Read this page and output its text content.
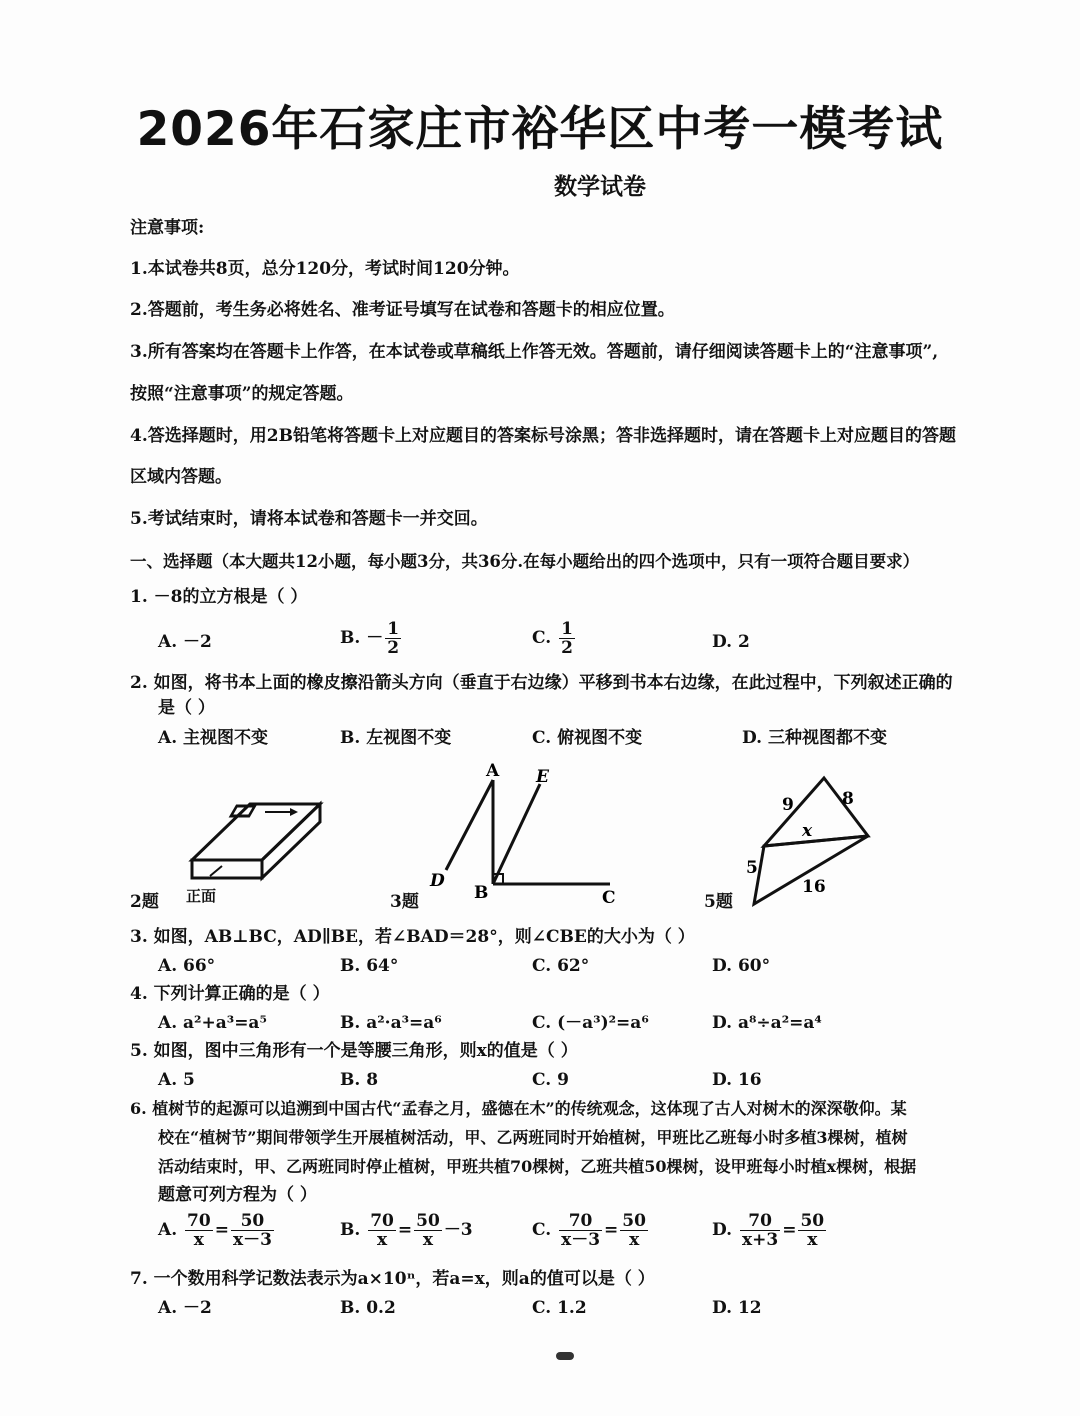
2026年石家庄市裕华区中考一模考试
数学试卷
注意事项:
1.本试卷共8页，总分120分，考试时间120分钟。
2.答题前，考生务必将姓名、准考证号填写在试卷和答题卡的相应位置。
3.所有答案均在答题卡上作答，在本试卷或草稿纸上作答无效。答题前，请仔细阅读答题卡上的“注意事项”,
按照“注意事项”的规定答题。
4.答选择题时，用2B铅笔将答题卡上对应题目的答案标号涂黑；答非选择题时，请在答题卡上对应题目的答题
区域内答题。
5.考试结束时，请将本试卷和答题卡一并交回。
一、选择题（本大题共12小题，每小题3分，共36分.在每小题给出的四个选项中，只有一项符合题目要求）
1. －8的立方根是（ ）
A. －2	B. － $\frac{1}{2}$	C. $\frac{1}{2}$	D. 2
2. 如图，将书本上面的橡皮擦沿箭头方向（垂直于右边缘）平移到书本右边缘，在此过程中，下列叙述正确的
是（ ）
A. 主视图不变	B. 左视图不变	C. 俯视图不变	D. 三种视图都不变
2题 正面
A E
D
B	C
3题
9	8
x
5
16
5题
3. 如图，AB⊥BC，AD∥BE，若∠BAD＝28°，则∠CBE的大小为（ ）
A. 66°	B. 64°	C. 62°	D. 60°
4. 下列计算正确的是（ ）
A. a²+a³=a⁵	B. a²·a³=a⁶	C. (－a³)²=a⁶	D. a⁸÷a²=a⁴
5. 如图，图中三角形有一个是等腰三角形，则x的值是（ ）
A. 5	B. 8	C. 9	D. 16
6. 植树节的起源可以追溯到中国古代“孟春之月，盛德在木”的传统观念，这体现了古人对树木的深深敬仰。某
校在“植树节”期间带领学生开展植树活动，甲、乙两班同时开始植树，甲班比乙班每小时多植3棵树，植树
活动结束时，甲、乙两班同时停止植树，甲班共植70棵树，乙班共植50棵树，设甲班每小时植x棵树，根据
题意可列方程为（ ）
A. $\frac{70}{x} = \frac{50}{x-3}$	B. $\frac{70}{x} = \frac{50}{x} -3$	C. $\frac{70}{x-3} = \frac{50}{x}$	D. $\frac{70}{x+3} = \frac{50}{x}$
7. 一个数用科学记数法表示为a×10ⁿ，若a=x，则a的值可以是（ ）
A. －2	B. 0.2	C. 1.2	D. 12
